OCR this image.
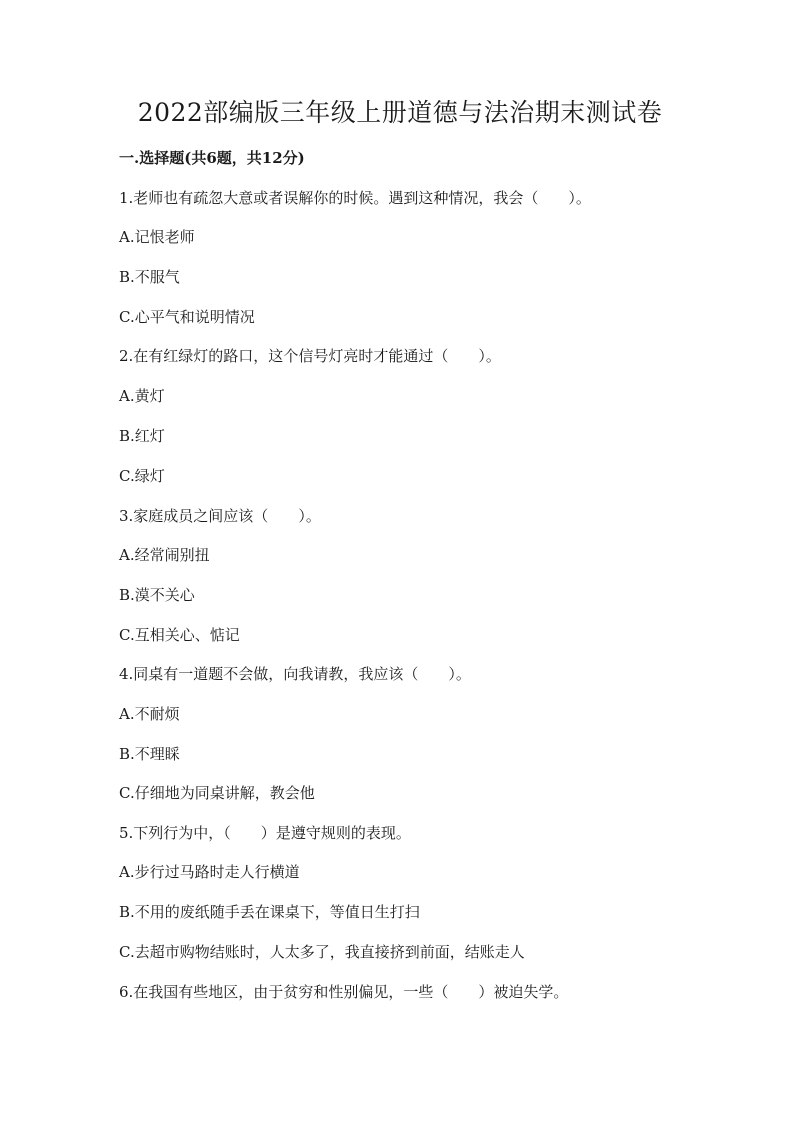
2022部编版三年级上册道德与法治期末测试卷

一.选择题(共6题，共12分)

1.老师也有疏忽大意或者误解你的时候。遇到这种情况，我会（　　）。

A.记恨老师

B.不服气

C.心平气和说明情况

2.在有红绿灯的路口，这个信号灯亮时才能通过（　　）。

A.黄灯

B.红灯

C.绿灯

3.家庭成员之间应该（　　）。

A.经常闹别扭

B.漠不关心

C.互相关心、惦记

4.同桌有一道题不会做，向我请教，我应该（　　）。

A.不耐烦

B.不理睬

C.仔细地为同桌讲解，教会他

5.下列行为中，（　　）是遵守规则的表现。

A.步行过马路时走人行横道

B.不用的废纸随手丢在课桌下，等值日生打扫

C.去超市购物结账时，人太多了，我直接挤到前面，结账走人

6.在我国有些地区，由于贫穷和性别偏见，一些（　　）被迫失学。
